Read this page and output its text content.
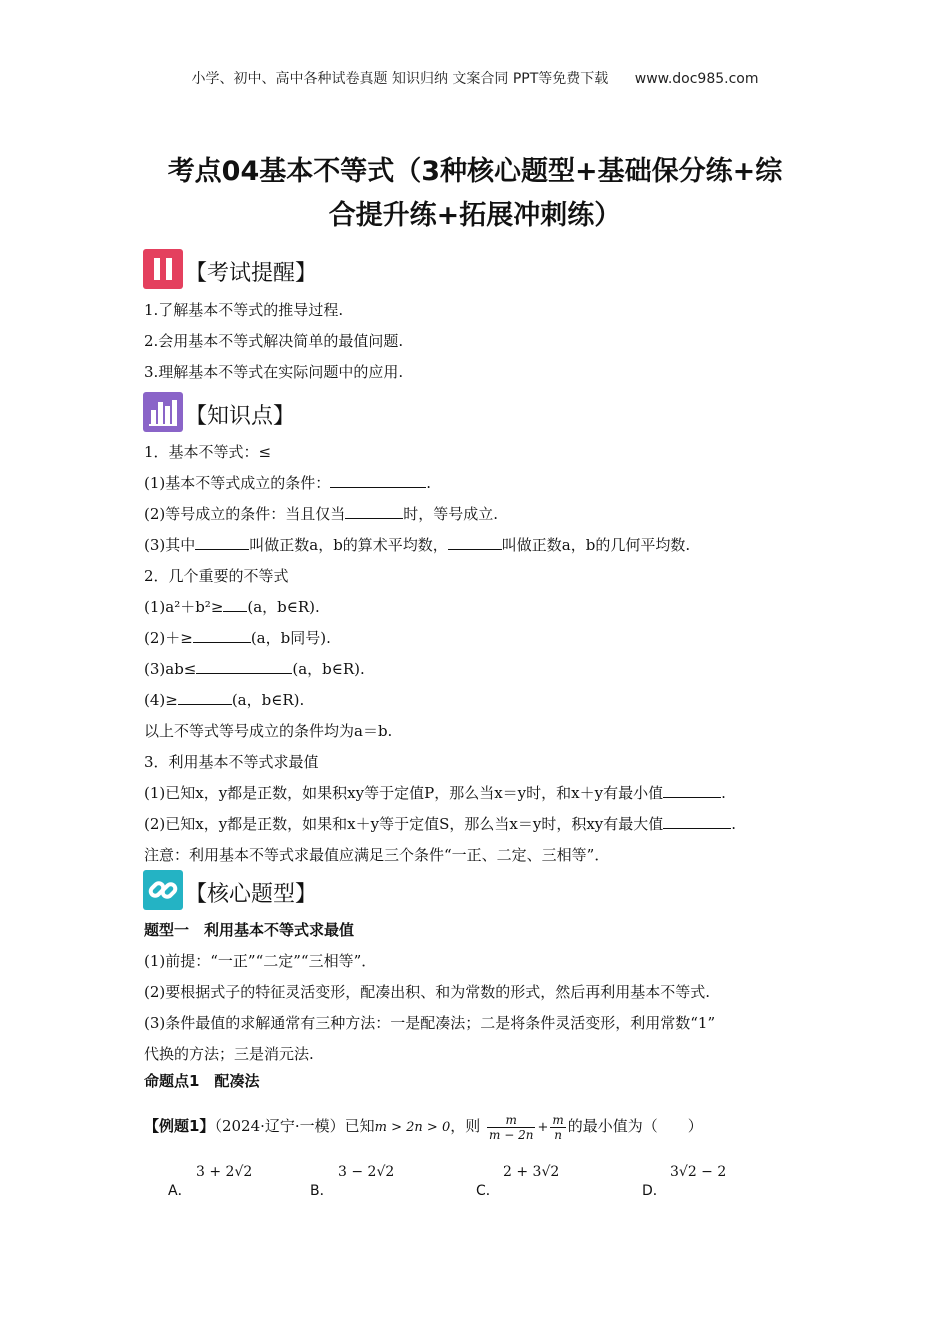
小学、初中、高中各种试卷真题 知识归纳 文案合同 PPT等免费下载 www.doc985.com
考点04基本不等式（3种核心题型+基础保分练+综
合提升练+拓展冲刺练）
【考试提醒】
1.了解基本不等式的推导过程.
2.会用基本不等式解决简单的最值问题.
3.理解基本不等式在实际问题中的应用.
【知识点】
1．基本不等式：≤
(1)基本不等式成立的条件：	.
(2)等号成立的条件：当且仅当	时，等号成立.
(3)其中	叫做正数a，b的算术平均数，	叫做正数a，b的几何平均数.
2．几个重要的不等式
(1)a²＋b²≥ (a，b∈R).
(2)＋≥	(a，b同号).
(3)ab≤	(a，b∈R).
(4)≥	(a，b∈R).
以上不等式等号成立的条件均为a＝b.
3．利用基本不等式求最值
(1)已知x，y都是正数，如果积xy等于定值P，那么当x＝y时，和x＋y有最小值	.
(2)已知x，y都是正数，如果和x＋y等于定值S，那么当x＝y时，积xy有最大值	.
注意：利用基本不等式求最值应满足三个条件“一正、二定、三相等”．
【核心题型】
题型一　利用基本不等式求最值
(1)前提：“一正”“二定”“三相等”．
(2)要根据式子的特征灵活变形，配凑出积、和为常数的形式，然后再利用基本不等式.
(3)条件最值的求解通常有三种方法：一是配凑法；二是将条件灵活变形，利用常数“1”
代换的方法；三是消元法.
命题点1　配凑法
【例题1】（2024·辽宁·一模）已知m > 2n > 0，则 $\frac{m}{m - 2n} + \frac{m}{n}$ 的最小值为（　　）
A．
3 + 2√2
B．
3 − 2√2
C．
2 + 3√2
D．
3√2 − 2
